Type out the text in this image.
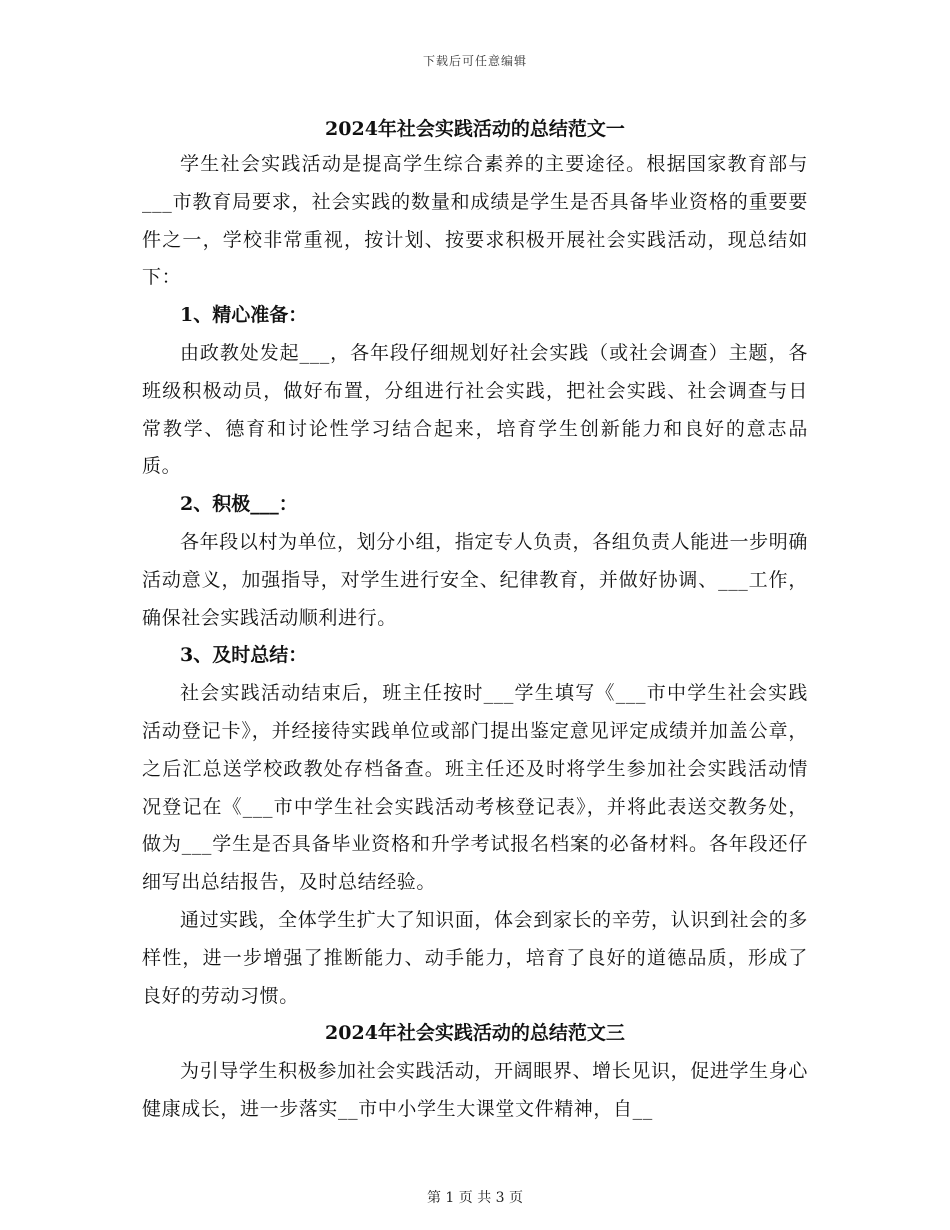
下载后可任意编辑

2024年社会实践活动的总结范文一

学生社会实践活动是提高学生综合素养的主要途径。根据国家教育部与___市教育局要求，社会实践的数量和成绩是学生是否具备毕业资格的重要要件之一，学校非常重视，按计划、按要求积极开展社会实践活动，现总结如下：

1、精心准备：

由政教处发起___，各年段仔细规划好社会实践（或社会调查）主题，各班级积极动员，做好布置，分组进行社会实践，把社会实践、社会调查与日常教学、德育和讨论性学习结合起来，培育学生创新能力和良好的意志品质。

2、积极___：

各年段以村为单位，划分小组，指定专人负责，各组负责人能进一步明确活动意义，加强指导，对学生进行安全、纪律教育，并做好协调、___工作，确保社会实践活动顺利进行。

3、及时总结：

社会实践活动结束后，班主任按时___学生填写《___市中学生社会实践活动登记卡》，并经接待实践单位或部门提出鉴定意见评定成绩并加盖公章，之后汇总送学校政教处存档备查。班主任还及时将学生参加社会实践活动情况登记在《___市中学生社会实践活动考核登记表》，并将此表送交教务处，做为___学生是否具备毕业资格和升学考试报名档案的必备材料。各年段还仔细写出总结报告，及时总结经验。

通过实践，全体学生扩大了知识面，体会到家长的辛劳，认识到社会的多样性，进一步增强了推断能力、动手能力，培育了良好的道德品质，形成了良好的劳动习惯。

2024年社会实践活动的总结范文三

为引导学生积极参加社会实践活动，开阔眼界、增长见识，促进学生身心健康成长，进一步落实__市中小学生大课堂文件精神，自__

第 1 页 共 3 页
